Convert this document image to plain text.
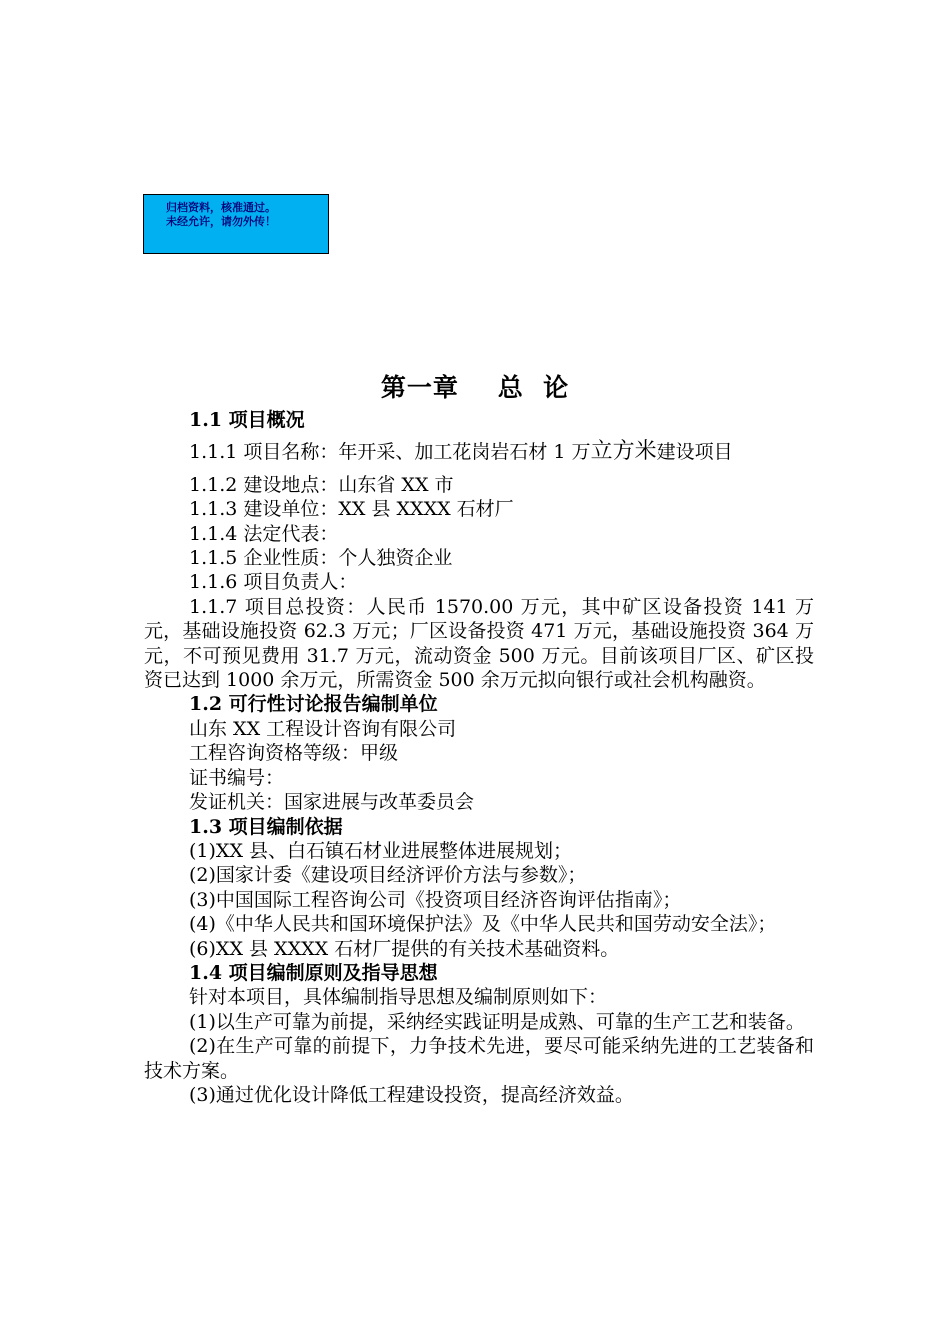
归档资料，核准通过。
未经允许，请勿外传！
第一章    总  论
1.1 项目概况
1.1.1 项目名称：年开采、加工花岗岩石材 1 万立方米建设项目
1.1.2 建设地点：山东省 XX 市
1.1.3 建设单位：XX 县 XXXX 石材厂
1.1.4 法定代表：
1.1.5 企业性质：个人独资企业
1.1.6 项目负责人：
1.1.7 项目总投资：人民币 1570.00 万元，其中矿区设备投资 141 万元，基础设施投资 62.3 万元；厂区设备投资 471 万元，基础设施投资 364 万元，不可预见费用 31.7 万元，流动资金 500 万元。目前该项目厂区、矿区投资已达到 1000 余万元，所需资金 500 余万元拟向银行或社会机构融资。
1.2 可行性讨论报告编制单位
山东 XX 工程设计咨询有限公司
工程咨询资格等级：甲级
证书编号：
发证机关：国家进展与改革委员会
1.3 项目编制依据
(1)XX 县、白石镇石材业进展整体进展规划；
(2)国家计委《建设项目经济评价方法与参数》；
(3)中国国际工程咨询公司《投资项目经济咨询评估指南》；
(4)《中华人民共和国环境保护法》及《中华人民共和国劳动安全法》；
(6)XX 县 XXXX 石材厂提供的有关技术基础资料。
1.4 项目编制原则及指导思想
针对本项目，具体编制指导思想及编制原则如下：
(1)以生产可靠为前提，采纳经实践证明是成熟、可靠的生产工艺和装备。
(2)在生产可靠的前提下，力争技术先进，要尽可能采纳先进的工艺装备和技术方案。
(3)通过优化设计降低工程建设投资，提高经济效益。
